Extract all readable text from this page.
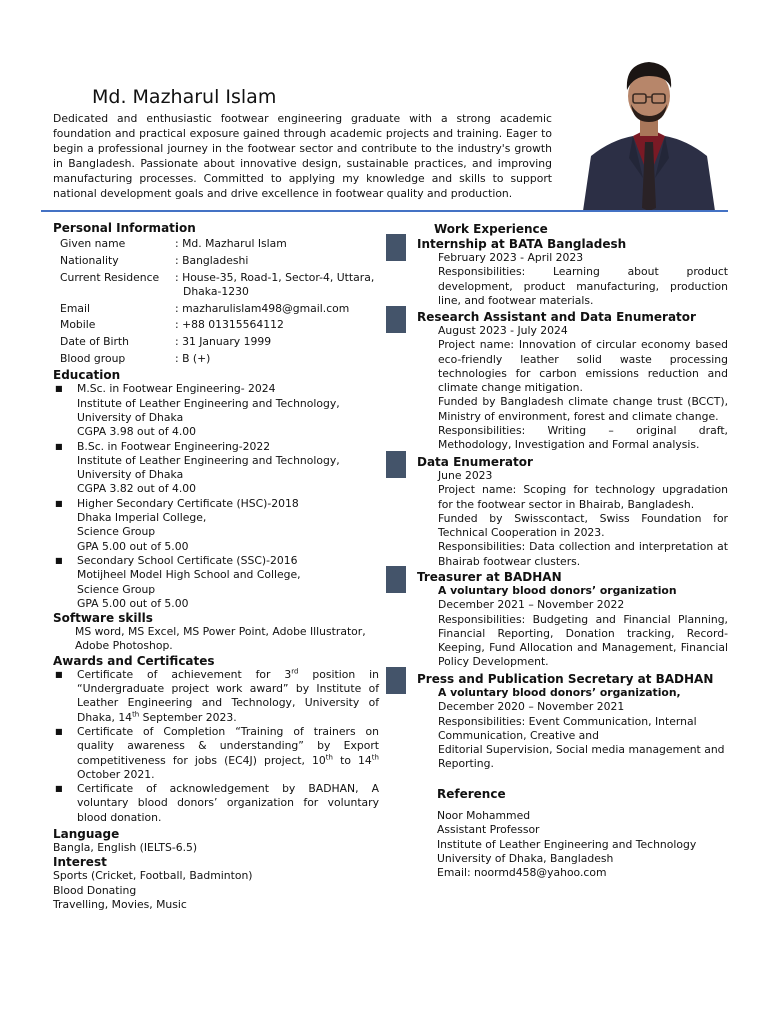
Md. Mazharul Islam

Dedicated and enthusiastic footwear engineering graduate with a strong academic foundation and practical exposure gained through academic projects and training. Eager to begin a professional journey in the footwear sector and contribute to the industry's growth in Bangladesh. Passionate about innovative design, sustainable practices, and improving manufacturing processes. Committed to applying my knowledge and skills to support national development goals and drive excellence in footwear quality and production.

Personal Information

Given name	: Md. Mazharul Islam
Nationality	: Bangladeshi
Current Residence	: House-35, Road-1, Sector-4, Uttara,
Dhaka-1230
Email	: mazharulislam498@gmail.com
Mobile	: +88 01315564112
Date of Birth	: 31 January 1999
Blood group	: B (+)

Education

■ M.Sc. in Footwear Engineering- 2024
Institute of Leather Engineering and Technology,
University of Dhaka
CGPA 3.98 out of 4.00
■ B.Sc. in Footwear Engineering-2022
Institute of Leather Engineering and Technology,
University of Dhaka
CGPA 3.82 out of 4.00
■ Higher Secondary Certificate (HSC)-2018
Dhaka Imperial College,
Science Group
GPA 5.00 out of 5.00
■ Secondary School Certificate (SSC)-2016
Motijheel Model High School and College,
Science Group
GPA 5.00 out of 5.00

Software skills

MS word, MS Excel, MS Power Point, Adobe Illustrator,
Adobe Photoshop.

Awards and Certificates

■ Certificate of achievement for 3rd position in “Undergraduate project work award” by Institute of Leather Engineering and Technology, University of Dhaka, 14th September 2023.
■ Certificate of Completion “Training of trainers on quality awareness & understanding” by Export competitiveness for jobs (EC4J) project, 10th to 14th October 2021.
■ Certificate of acknowledgement by BADHAN, A voluntary blood donors’ organization for voluntary blood donation.

Language

Bangla, English (IELTS-6.5)

Interest

Sports (Cricket, Football, Badminton)
Blood Donating
Travelling, Movies, Music

Work Experience

Internship at BATA Bangladesh

February 2023 - April 2023
Responsibilities: Learning about product development, product manufacturing, production line, and footwear materials.

Research Assistant and Data Enumerator

August 2023 - July 2024
Project name: Innovation of circular economy based eco-friendly leather solid waste processing technologies for carbon emissions reduction and climate change mitigation.
Funded by Bangladesh climate change trust (BCCT), Ministry of environment, forest and climate change.
Responsibilities: Writing – original draft, Methodology, Investigation and Formal analysis.

Data Enumerator

June 2023
Project name: Scoping for technology upgradation for the footwear sector in Bhairab, Bangladesh.
Funded by Swisscontact, Swiss Foundation for Technical Cooperation in 2023.
Responsibilities: Data collection and interpretation at Bhairab footwear clusters.

Treasurer at BADHAN

A voluntary blood donors’ organization
December 2021 – November 2022
Responsibilities: Budgeting and Financial Planning, Financial Reporting, Donation tracking, Record-Keeping, Fund Allocation and Management, Financial Policy Development.

Press and Publication Secretary at BADHAN

A voluntary blood donors’ organization,
December 2020 – November 2021
Responsibilities: Event Communication, Internal
Communication, Creative and
Editorial Supervision, Social media management and
Reporting.

Reference

Noor Mohammed
Assistant Professor
Institute of Leather Engineering and Technology
University of Dhaka, Bangladesh
Email: noormd458@yahoo.com
